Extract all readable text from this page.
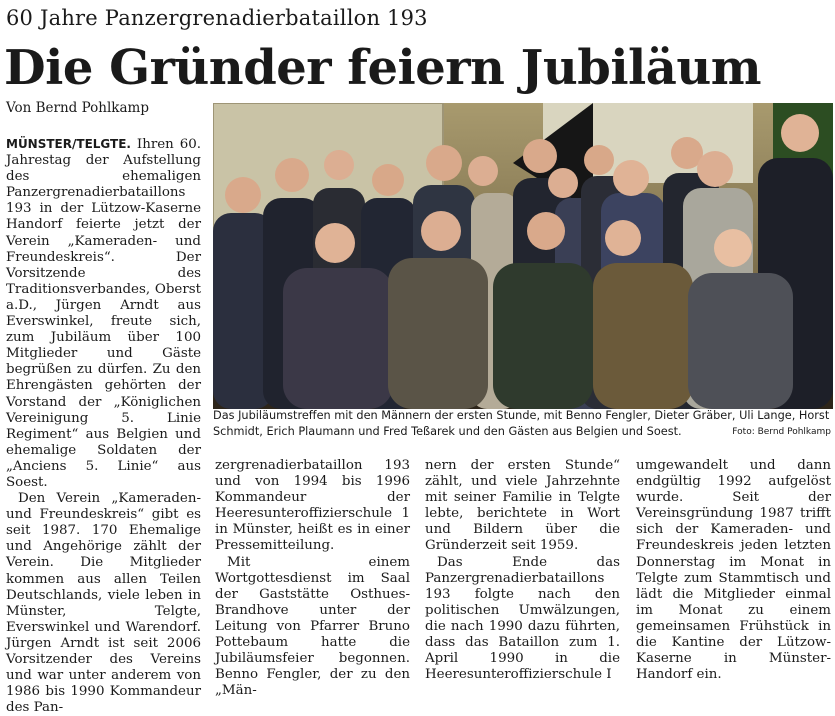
60 Jahre Panzergrenadierbataillon 193
Die Gründer feiern Jubiläum
Von Bernd Pohlkamp
Das Jubiläumstreffen mit den Männern der ersten Stunde, mit Benno Fengler, Dieter Gräber, Uli Lange, Horst Schmidt, Erich Plaumann und Fred Teßarek und den Gästen aus Belgien und Soest.	Foto: Bernd Pohlkamp

MÜNSTER/TELGTE. Ihren 60. Jahrestag der Aufstellung des ehemaligen Panzergrenadierbataillons 193 in der Lützow-Kaserne Handorf feierte jetzt der Verein „Kameraden- und Freundeskreis“. Der Vorsitzende des Traditionsverbandes, Oberst a.D., Jürgen Arndt aus Everswinkel, freute sich, zum Jubiläum über 100 Mitglieder und Gäste begrüßen zu dürfen. Zu den Ehrengästen gehörten der Vorstand der „Königlichen Vereinigung 5. Linie Regiment“ aus Belgien und ehemalige Soldaten der „Anciens 5. Linie“ aus Soest.

Den Verein „Kameraden- und Freundeskreis“ gibt es seit 1987. 170 Ehemalige und Angehörige zählt der Verein. Die Mitglieder kommen aus allen Teilen Deutschlands, viele leben in Münster, Telgte, Everswinkel und Warendorf. Jürgen Arndt ist seit 2006 Vorsitzender des Vereins und war unter anderem von 1986 bis 1990 Kommandeur des Pan-

zergrenadierbataillon 193 und von 1994 bis 1996 Kommandeur der Heeresunteroffizierschule 1 in Münster, heißt es in einer Pressemitteilung.

Mit einem Wortgottesdienst im Saal der Gaststätte Osthues-Brandhove unter der Leitung von Pfarrer Bruno Pottebaum hatte die Jubiläumsfeier begonnen. Benno Fengler, der zu den „Män-

nern der ersten Stunde“ zählt, und viele Jahrzehnte mit seiner Familie in Telgte lebte, berichtete in Wort und Bildern über die Gründerzeit seit 1959.

Das Ende das Panzergrenadierbataillons 193 folgte nach den politischen Umwälzungen, die nach 1990 dazu führten, dass das Bataillon zum 1. April 1990 in die Heeresunteroffizierschule I

umgewandelt und dann endgültig 1992 aufgelöst wurde. Seit der Vereinsgründung 1987 trifft sich der Kameraden- und Freundeskreis jeden letzten Donnerstag im Monat in Telgte zum Stammtisch und lädt die Mitglieder einmal im Monat zu einem gemeinsamen Frühstück in die Kantine der Lützow-Kaserne in Münster-Handorf ein.
